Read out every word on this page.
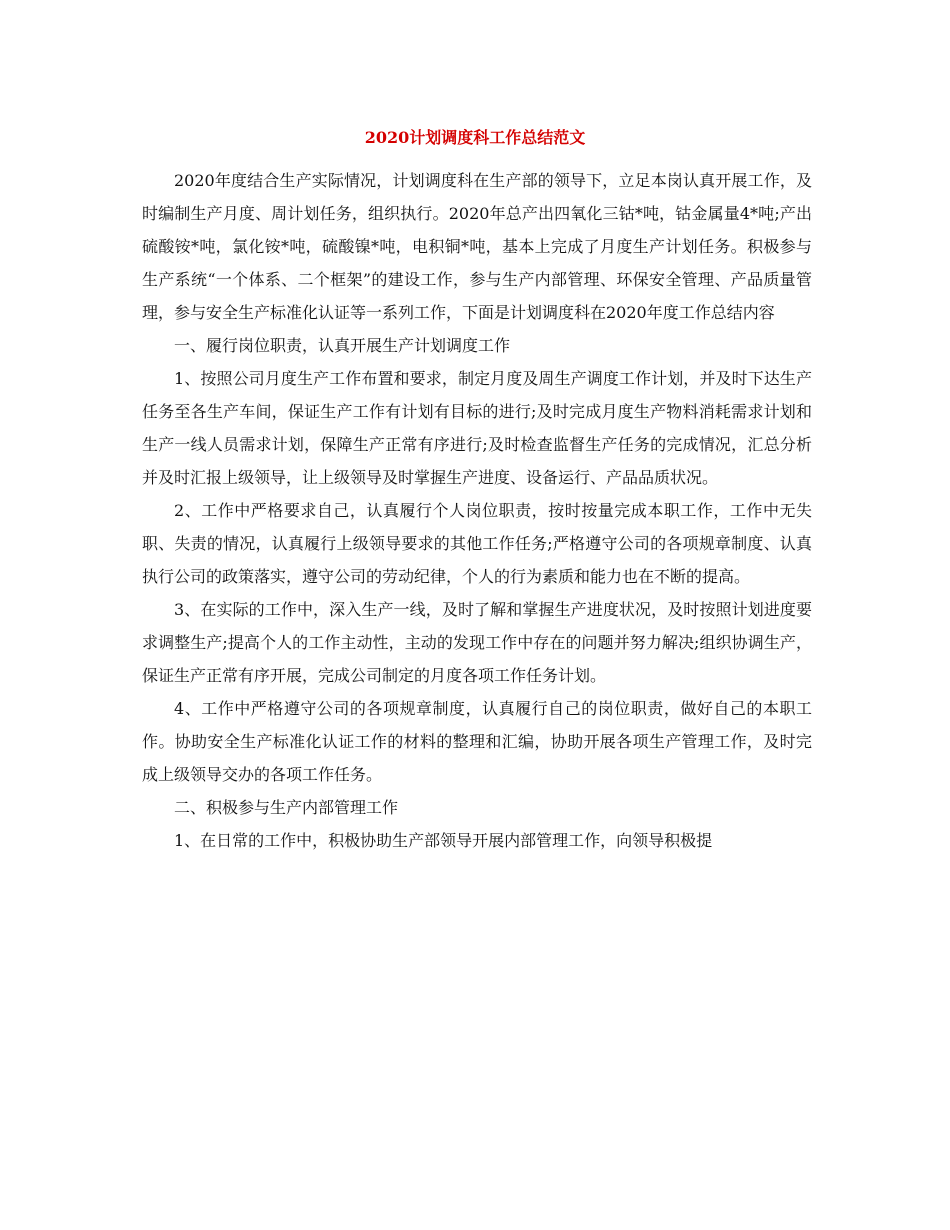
2020计划调度科工作总结范文

2020年度结合生产实际情况，计划调度科在生产部的领导下，立足本岗认真开展工作，及时编制生产月度、周计划任务，组织执行。2020年总产出四氧化三钴*吨，钴金属量4*吨;产出硫酸铵*吨，氯化铵*吨，硫酸镍*吨，电积铜*吨，基本上完成了月度生产计划任务。积极参与生产系统“一个体系、二个框架”的建设工作，参与生产内部管理、环保安全管理、产品质量管理，参与安全生产标准化认证等一系列工作，下面是计划调度科在2020年度工作总结内容

一、履行岗位职责，认真开展生产计划调度工作

1、按照公司月度生产工作布置和要求，制定月度及周生产调度工作计划，并及时下达生产任务至各生产车间，保证生产工作有计划有目标的进行;及时完成月度生产物料消耗需求计划和生产一线人员需求计划，保障生产正常有序进行;及时检查监督生产任务的完成情况，汇总分析并及时汇报上级领导，让上级领导及时掌握生产进度、设备运行、产品品质状况。

2、工作中严格要求自己，认真履行个人岗位职责，按时按量完成本职工作，工作中无失职、失责的情况，认真履行上级领导要求的其他工作任务;严格遵守公司的各项规章制度、认真执行公司的政策落实，遵守公司的劳动纪律，个人的行为素质和能力也在不断的提高。

3、在实际的工作中，深入生产一线，及时了解和掌握生产进度状况，及时按照计划进度要求调整生产;提高个人的工作主动性，主动的发现工作中存在的问题并努力解决;组织协调生产，保证生产正常有序开展，完成公司制定的月度各项工作任务计划。

4、工作中严格遵守公司的各项规章制度，认真履行自己的岗位职责，做好自己的本职工作。协助安全生产标准化认证工作的材料的整理和汇编，协助开展各项生产管理工作，及时完成上级领导交办的各项工作任务。

二、积极参与生产内部管理工作

1、在日常的工作中，积极协助生产部领导开展内部管理工作，向领导积极提
